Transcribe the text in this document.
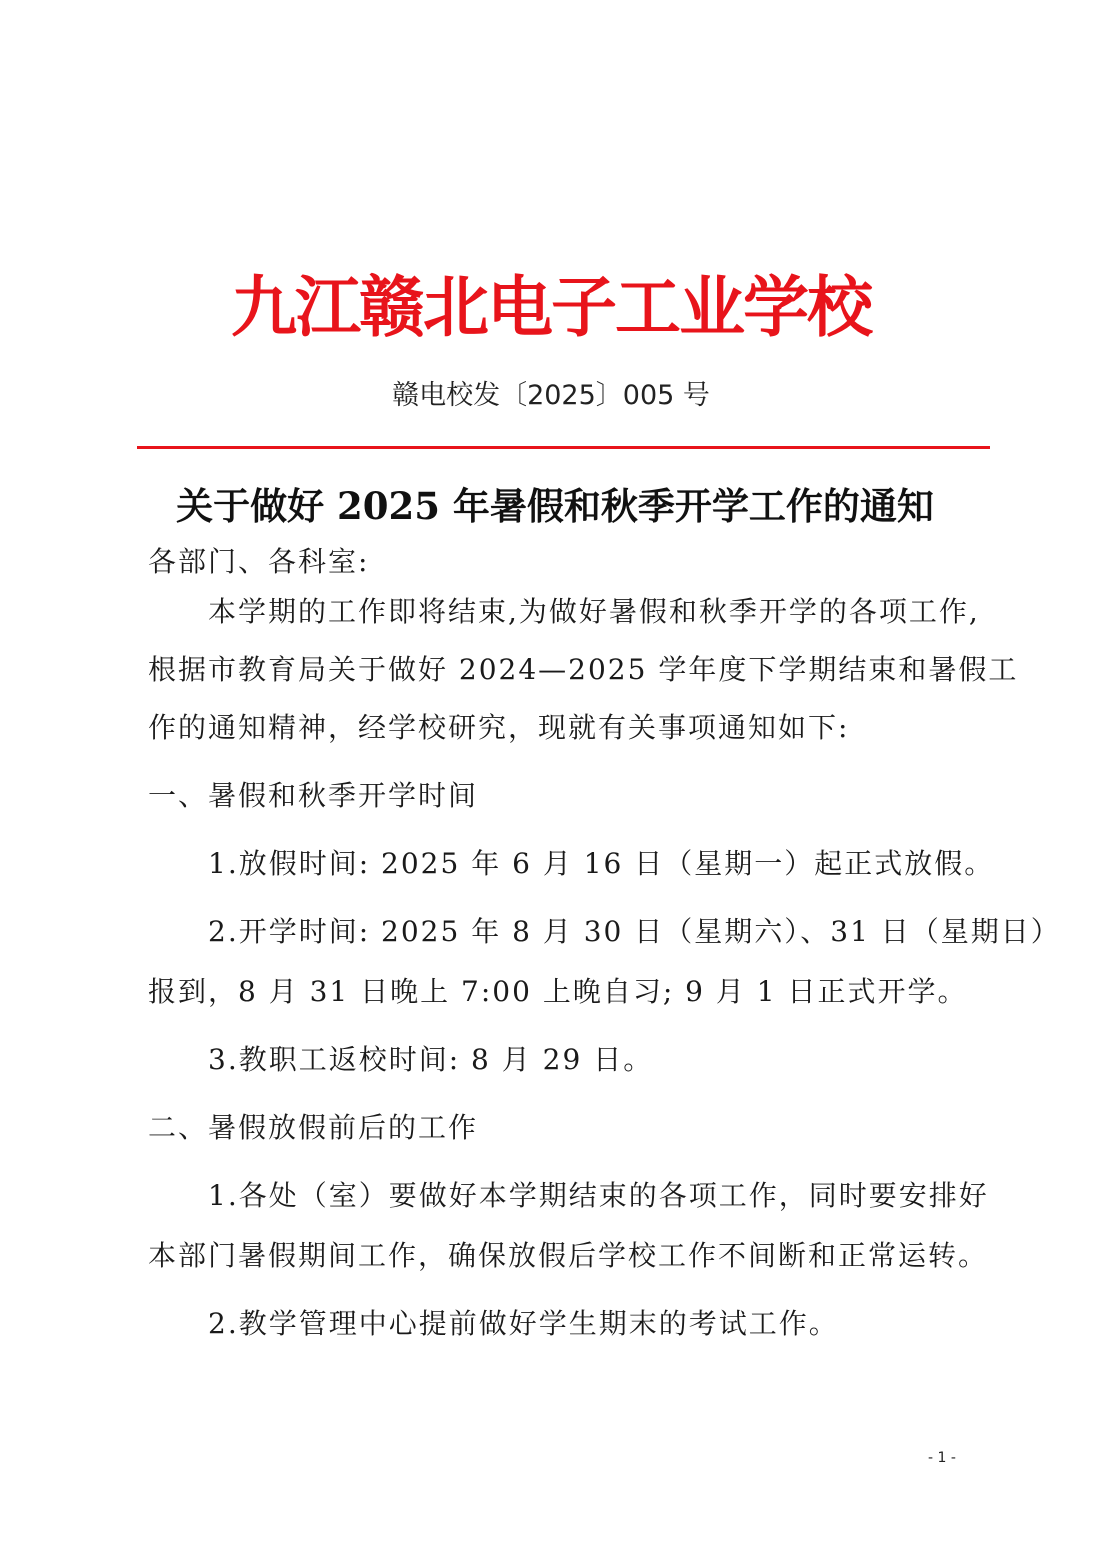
九江赣北电子工业学校
赣电校发〔2025〕005 号
关于做好 2025 年暑假和秋季开学工作的通知
各部门、各科室:
本学期的工作即将结束,为做好暑假和秋季开学的各项工作,
根据市教育局关于做好 2024—2025 学年度下学期结束和暑假工
作的通知精神，经学校研究，现就有关事项通知如下:
一、暑假和秋季开学时间
1.放假时间: 2025 年 6 月 16 日（星期一）起正式放假。
2.开学时间: 2025 年 8 月 30 日（星期六）、31 日（星期日）
报到，8 月 31 日晚上 7:00 上晚自习; 9 月 1 日正式开学。
3.教职工返校时间: 8 月 29 日。
二、暑假放假前后的工作
1.各处（室）要做好本学期结束的各项工作，同时要安排好
本部门暑假期间工作，确保放假后学校工作不间断和正常运转。
2.教学管理中心提前做好学生期末的考试工作。
- 1 -
